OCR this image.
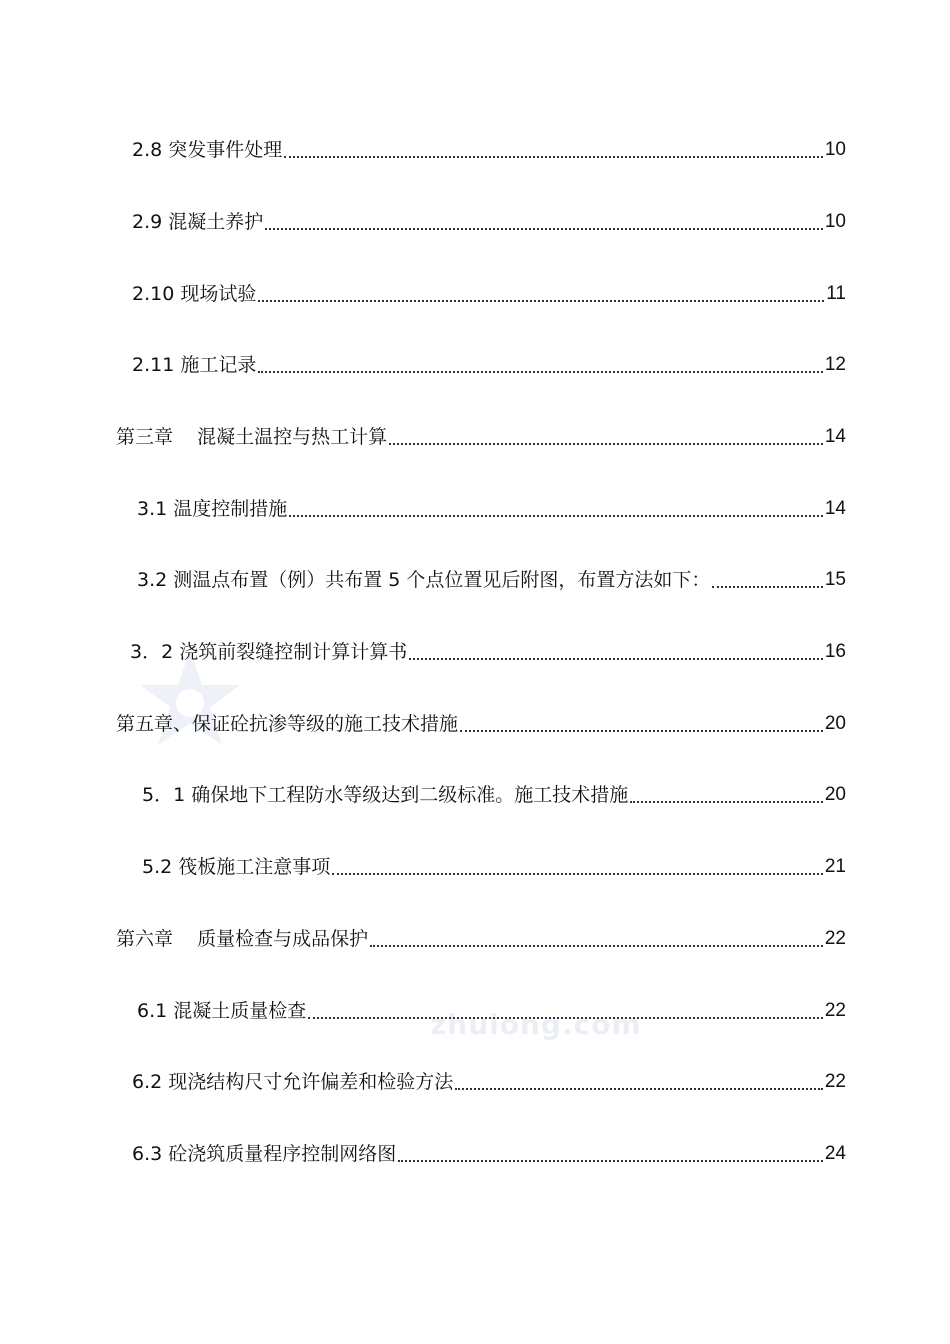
zhulong.com
2.8 突发事件处理	10
2.9 混凝土养护	10
2.10 现场试验	11
2.11 施工记录	12
第三章    混凝土温控与热工计算	14
3.1 温度控制措施	14
3.2 测温点布置（例）共布置 5 个点位置见后附图，布置方法如下：	15
3．2 浇筑前裂缝控制计算计算书	16
第五章、保证砼抗渗等级的施工技术措施	20
5．1 确保地下工程防水等级达到二级标准。施工技术措施	20
5.2 筏板施工注意事项	21
第六章    质量检查与成品保护	22
6.1 混凝土质量检查	22
6.2 现浇结构尺寸允许偏差和检验方法	22
6.3 砼浇筑质量程序控制网络图	24
